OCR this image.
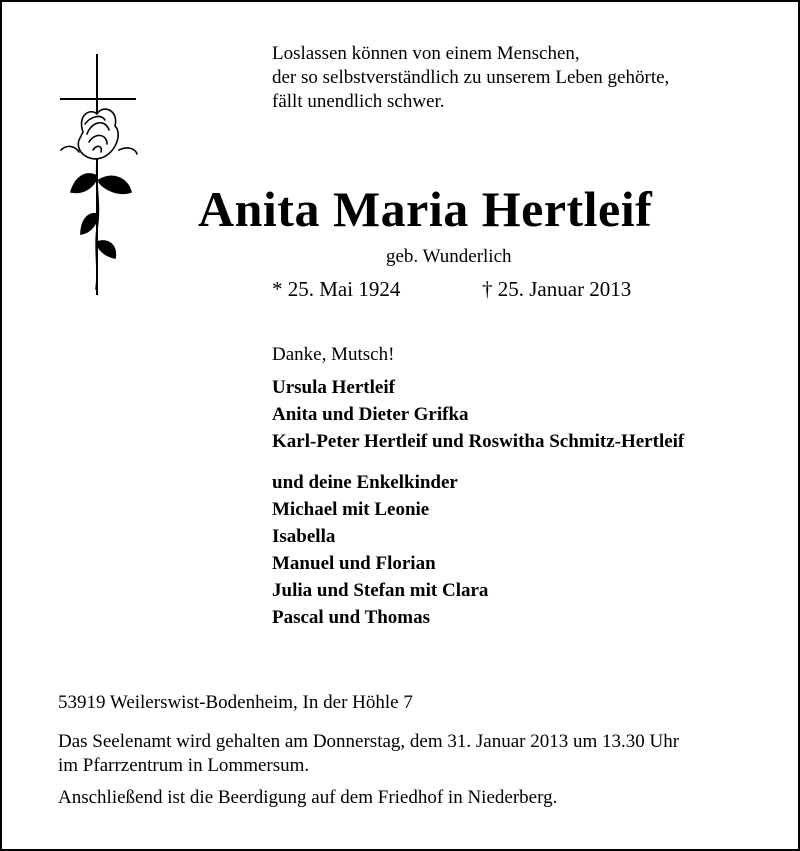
Loslassen können von einem Menschen,
der so selbstverständlich zu unserem Leben gehörte,
fällt unendlich schwer.
Anita Maria Hertleif
geb. Wunderlich
* 25. Mai 1924	† 25. Januar 2013
Danke, Mutsch!
Ursula Hertleif
Anita und Dieter Grifka
Karl-Peter Hertleif und Roswitha Schmitz-Hertleif
und deine Enkelkinder
Michael mit Leonie
Isabella
Manuel und Florian
Julia und Stefan mit Clara
Pascal und Thomas
53919 Weilerswist-Bodenheim, In der Höhle 7
Das Seelenamt wird gehalten am Donnerstag, dem 31. Januar 2013 um 13.30 Uhr
im Pfarrzentrum in Lommersum.
Anschließend ist die Beerdigung auf dem Friedhof in Niederberg.
